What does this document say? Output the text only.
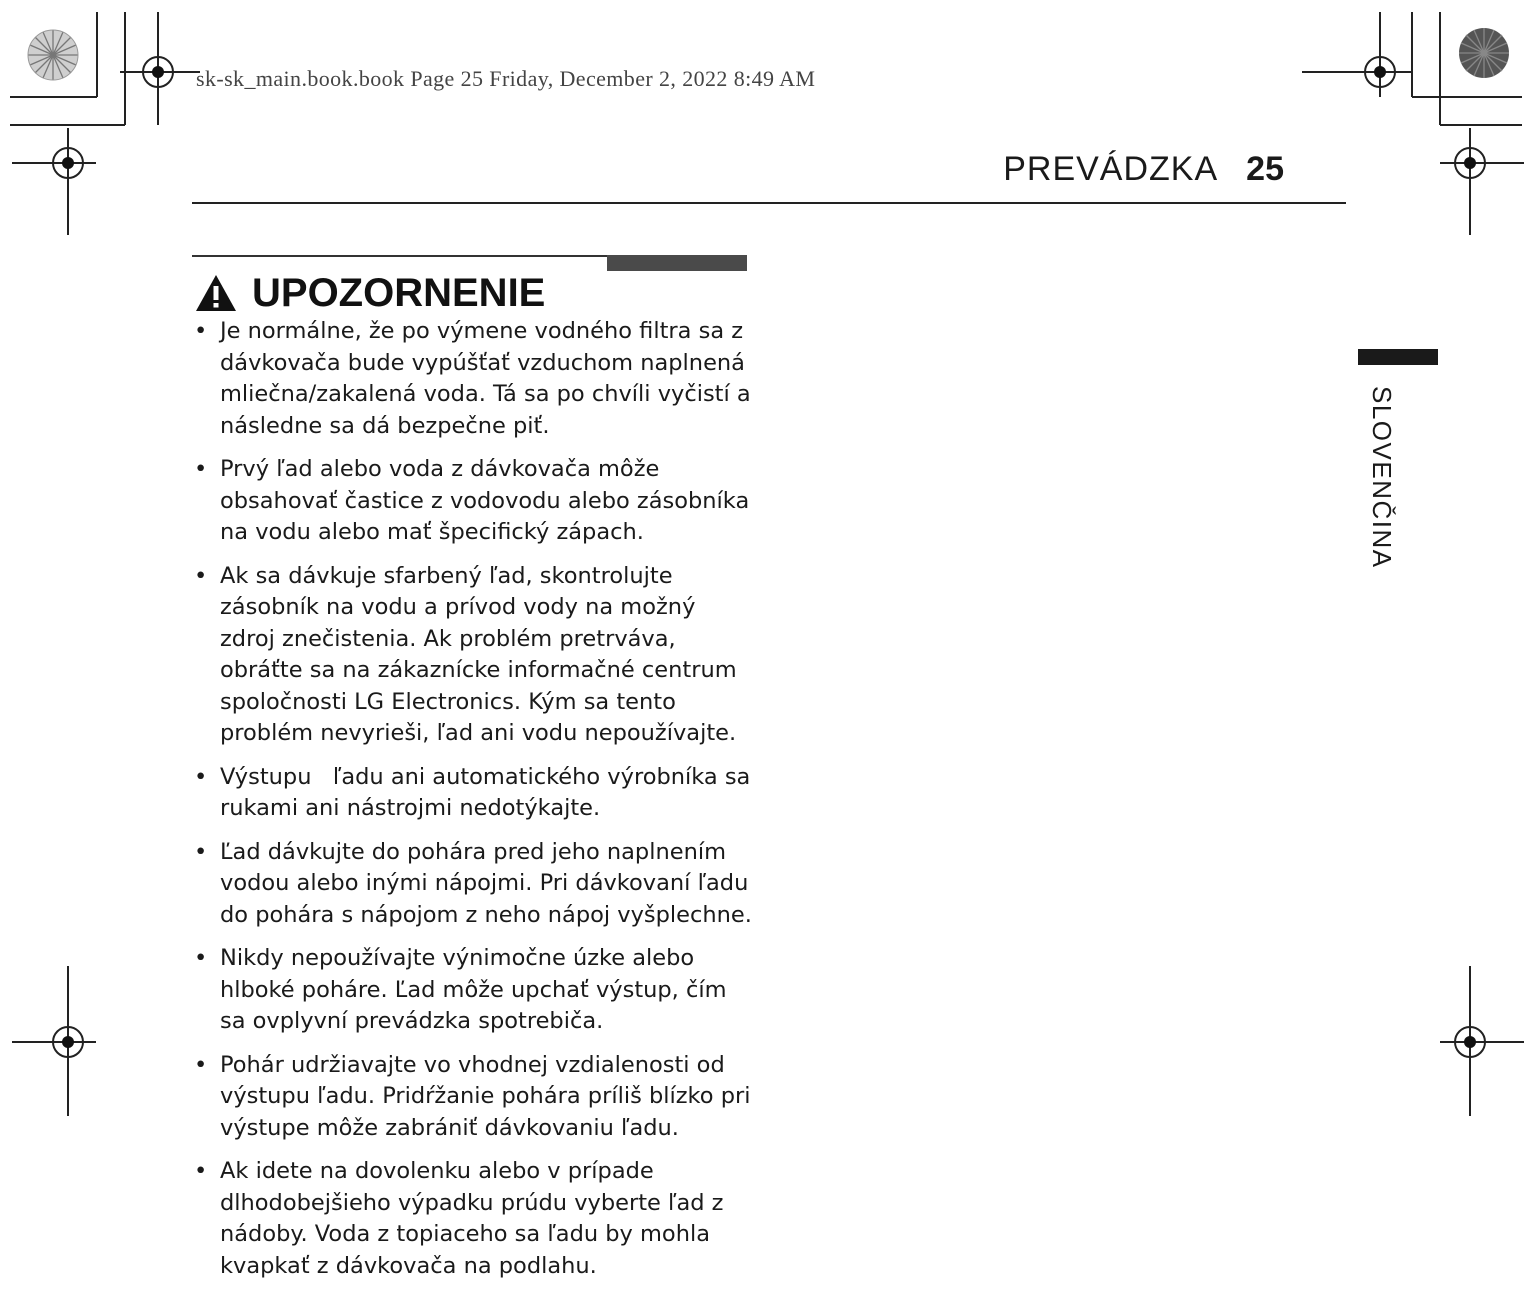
sk-sk_main.book.book Page 25 Friday, December 2, 2022 8:49 AM
PREVÁDZKA 25
UPOZORNENIE
• Je normálne, že po výmene vodného filtra sa z dávkovača bude vypúšťať vzduchom naplnená mliečna/zakalená voda. Tá sa po chvíli vyčistí a následne sa dá bezpečne piť.
• Prvý ľad alebo voda z dávkovača môže obsahovať častice z vodovodu alebo zásobníka na vodu alebo mať špecifický zápach.
• Ak sa dávkuje sfarbený ľad, skontrolujte zásobník na vodu a prívod vody na možný zdroj znečistenia. Ak problém pretrváva, obráťte sa na zákaznícke informačné centrum spoločnosti LG Electronics. Kým sa tento problém nevyrieši, ľad ani vodu nepoužívajte.
• Výstupu   ľadu ani automatického výrobníka sa rukami ani nástrojmi nedotýkajte.
• Ľad dávkujte do pohára pred jeho naplnením vodou alebo inými nápojmi. Pri dávkovaní ľadu do pohára s nápojom z neho nápoj vyšplechne.
• Nikdy nepoužívajte výnimočne úzke alebo hlboké poháre. Ľad môže upchať výstup, čím sa ovplyvní prevádzka spotrebiča.
• Pohár udržiavajte vo vhodnej vzdialenosti od výstupu ľadu. Pridŕžanie pohára príliš blízko pri výstupe môže zabrániť dávkovaniu ľadu.
• Ak idete na dovolenku alebo v prípade dlhodobejšieho výpadku prúdu vyberte ľad z nádoby. Voda z topiaceho sa ľadu by mohla kvapkať z dávkovača na podlahu.
SLOVENČINA
